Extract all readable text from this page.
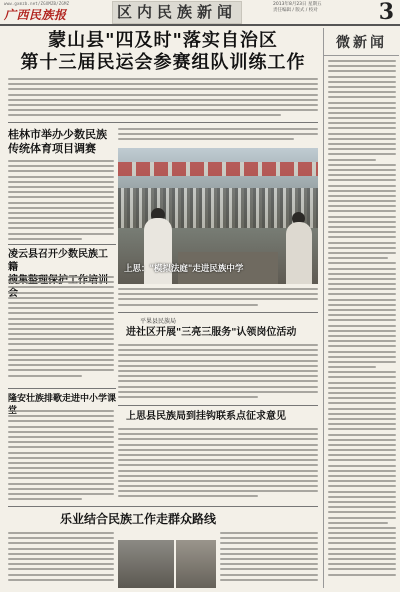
www.gxmzb.net/ZGXMZB/ZGMZ
广西民族报	区内民族新闻	2013年8月23日 星期五
责任编辑 / 版式 / 校对	3
蒙山县"四及时"落实自治区
第十三届民运会参赛组队训练工作
桂林市举办少数民族
传统体育项目调赛
上思："模拟法庭"走进民族中学
凌云县召开少数民族工籍
隆安壮族排歌走进中小学课
平果县民族局
进社区开展"三亮三服务"认领岗位活动
上思县民族局到挂钩联系点征求意见
乐业结合民族工作走群众路线
微新闻
